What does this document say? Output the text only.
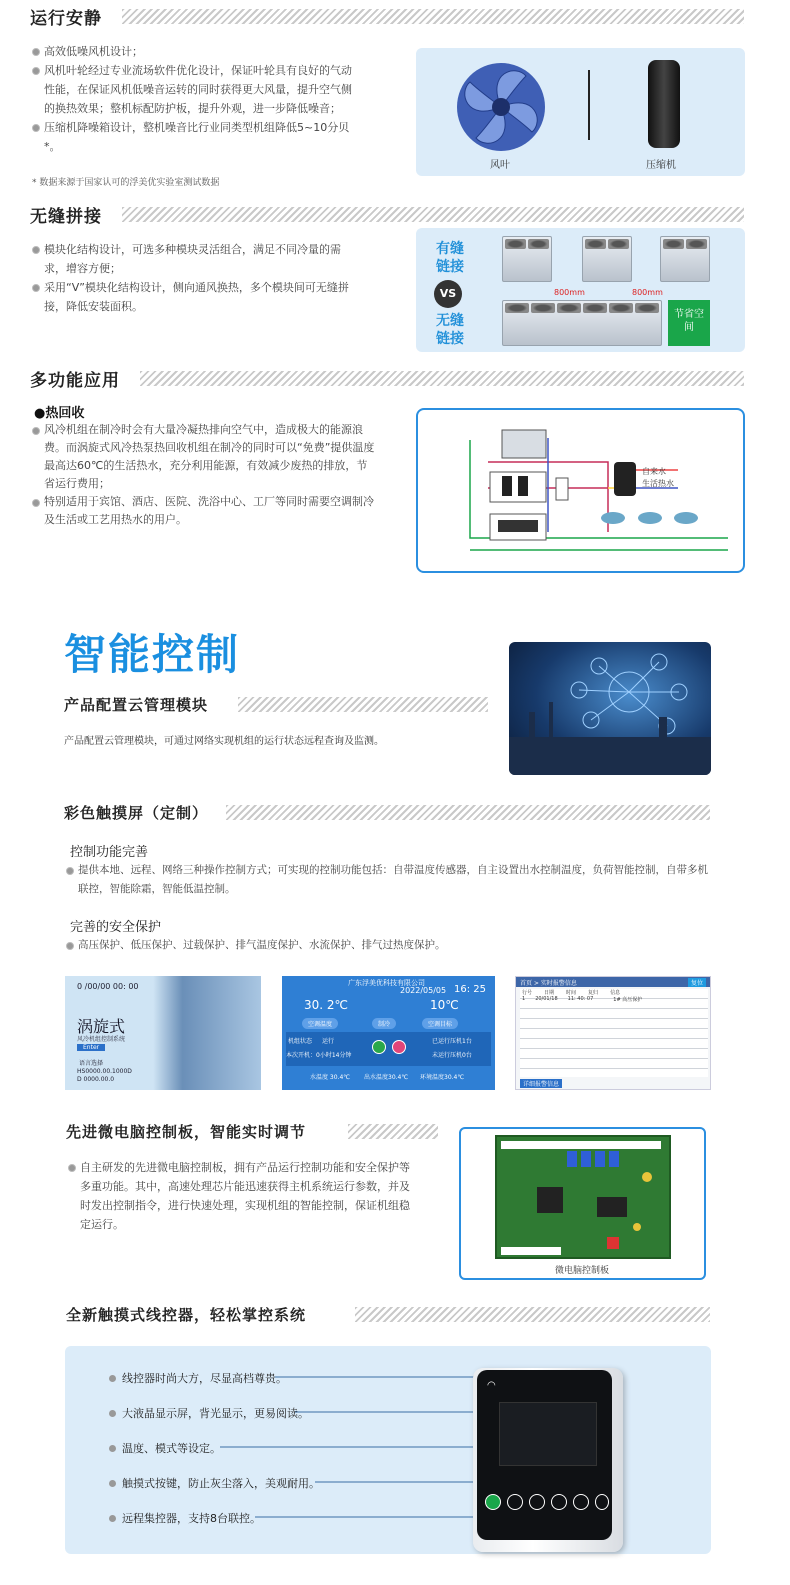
运行安静
高效低噪风机设计；
风机叶轮经过专业流场软件优化设计，保证叶轮具有良好的气动性能，在保证风机低噪音运转的同时获得更大风量，提升空气侧的换热效果；整机标配防护板，提升外观，进一步降低噪音；
压缩机降噪箱设计，整机噪音比行业同类型机组降低5~10分贝 *。
* 数据来源于国家认可的浮美优实验室测试数据
风叶	压缩机
无缝拼接
模块化结构设计，可选多种模块灵活组合，满足不同冷量的需求，增容方便；
采用“V”模块化结构设计，侧向通风换热，多个模块间可无缝拼接，降低安装面积。
有缝链接
VS
无缝链接
800mm	800mm
节省空间
多功能应用
●热回收
风冷机组在制冷时会有大量冷凝热排向空气中，造成极大的能源浪费。而涡旋式风冷热泵热回收机组在制冷的同时可以“免费”提供温度最高达60℃的生活热水，充分利用能源，有效减少废热的排放，节省运行费用；
特别适用于宾馆、酒店、医院、洗浴中心、工厂等同时需要空调制冷及生活或工艺用热水的用户。
自来水
生活热水
智能控制
产品配置云管理模块
产品配置云管理模块，可通过网络实现机组的运行状态远程查询及监测。
彩色触摸屏（定制）
控制功能完善
提供本地、远程、网络三种操作控制方式；可实现的控制功能包括：自带温度传感器，自主设置出水控制温度，负荷智能控制，自带多机联控，智能除霜，智能低温控制。
完善的安全保护
高压保护、低压保护、过载保护、排气温度保护、水流保护、排气过热度保护。
0 /00/00 00: 00
涡旋式
风冷机组控制系统
Enter
语言选择
HS0000.00.1000D
D 0000.00.0
广东浮美优科技有限公司
2022/05/05 16: 25
30. 2℃	10℃
空调温度	制冷	空调目标
机组状态 运行
本次开机：0小时14分钟
已运行压机1台
未运行压机0台
水温度 30.4℃ 出水温度30.4℃ 环境温度30.4℃
首页 > 实时报警信息	复位
行号 日期 时间 复归 信息
1 20/01/18 11: 40: 07	1# 高压保护
详细报警信息
先进微电脑控制板，智能实时调节
自主研发的先进微电脑控制板，拥有产品运行控制功能和安全保护等多重功能。其中，高速处理芯片能迅速获得主机系统运行参数，并及时发出控制指令，进行快速处理，实现机组的智能控制，保证机组稳定运行。
微电脑控制板
全新触摸式线控器，轻松掌控系统
线控器时尚大方，尽显高档尊贵。
大液晶显示屏，背光显示，更易阅读。
温度、模式等设定。
触摸式按键，防止灰尘落入，美观耐用。
远程集控器，支持8台联控。
◠
